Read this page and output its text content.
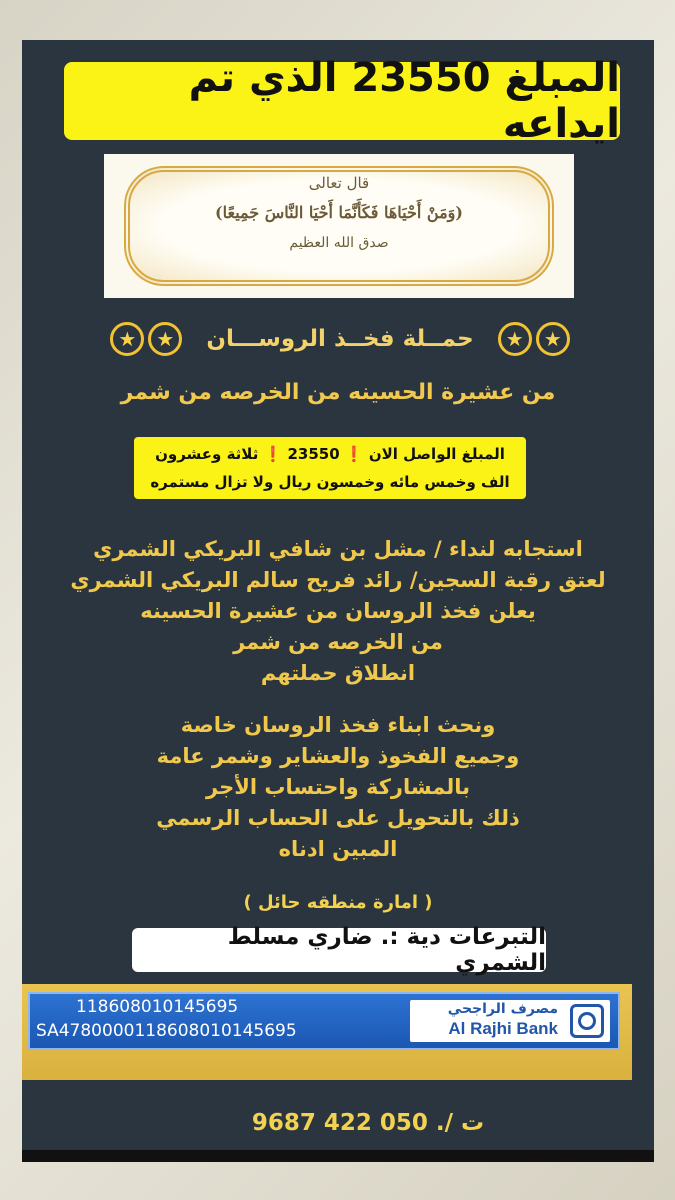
المبلغ 23550 الذي تم ايداعه
قال تعالى
(وَمَنْ أَحْيَاهَا فَكَأَنَّمَا أَحْيَا النَّاسَ جَمِيعًا)
صدق الله العظيم
★
★
حمــلة فخــذ الروســـان
★
★
من عشيرة الحسينه من الخرصه من شمر
المبلغ الواصل الان ❗ 23550 ❗ ثلاثة وعشرون
الف وخمس مائه وخمسون ريال ولا تزال مستمره
استجابه لنداء / مشل بن شافي البريكي الشمري
لعتق رقبة السجين/ رائد فريح سالم البريكي الشمري
يعلن فخذ الروسان من عشيرة الحسينه
من الخرصه من شمر
انطلاق حملتهم
ونحث ابناء فخذ الروسان خاصة
وجميع الفخوذ والعشاير وشمر عامة
بالمشاركة واحتساب الأجر
ذلك بالتحويل على الحساب الرسمي
المبين ادناه
( امارة منطقه حائل )
التبرعات دية :. ضاري مسلط الشمري
118608010145695
SA4780000118608010145695
مصرف الراجحي
Al Rajhi Bank
ت /. 050 422 9687
